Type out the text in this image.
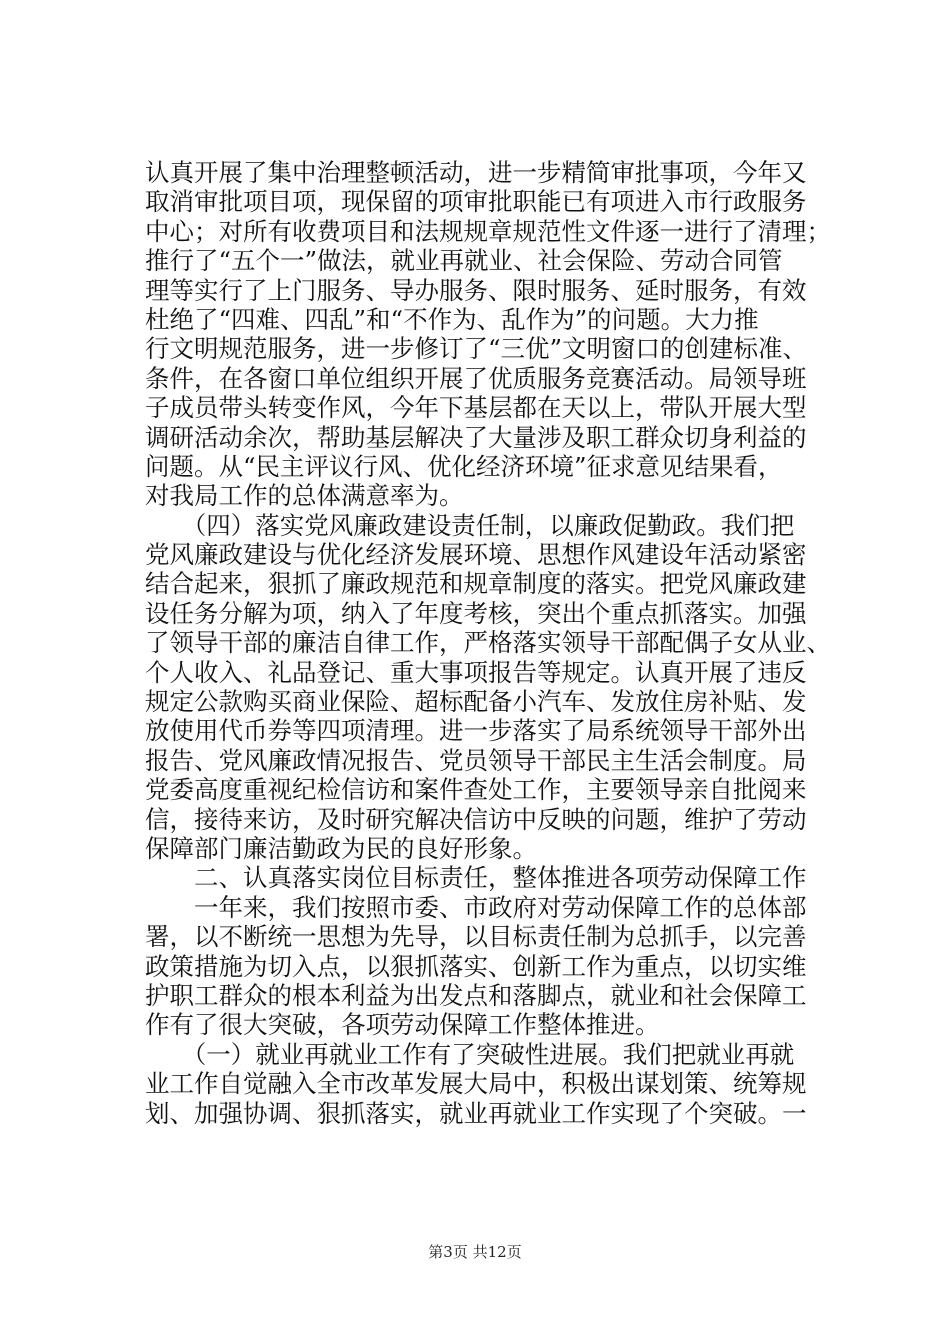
认真开展了集中治理整顿活动，进一步精简审批事项，今年又
取消审批项目项，现保留的项审批职能已有项进入市行政服务
中心；对所有收费项目和法规规章规范性文件逐一进行了清理；
推行了“五个一”做法，就业再就业、社会保险、劳动合同管
理等实行了上门服务、导办服务、限时服务、延时服务，有效
杜绝了“四难、四乱”和“不作为、乱作为”的问题。大力推
行文明规范服务，进一步修订了“三优”文明窗口的创建标准、
条件，在各窗口单位组织开展了优质服务竞赛活动。局领导班
子成员带头转变作风，今年下基层都在天以上，带队开展大型
调研活动余次，帮助基层解决了大量涉及职工群众切身利益的
问题。从“民主评议行风、优化经济环境”征求意见结果看，
对我局工作的总体满意率为。
　　（四）落实党风廉政建设责任制，以廉政促勤政。我们把
党风廉政建设与优化经济发展环境、思想作风建设年活动紧密
结合起来，狠抓了廉政规范和规章制度的落实。把党风廉政建
设任务分解为项，纳入了年度考核，突出个重点抓落实。加强
了领导干部的廉洁自律工作，严格落实领导干部配偶子女从业、
个人收入、礼品登记、重大事项报告等规定。认真开展了违反
规定公款购买商业保险、超标配备小汽车、发放住房补贴、发
放使用代币券等四项清理。进一步落实了局系统领导干部外出
报告、党风廉政情况报告、党员领导干部民主生活会制度。局
党委高度重视纪检信访和案件查处工作，主要领导亲自批阅来
信，接待来访，及时研究解决信访中反映的问题，维护了劳动
保障部门廉洁勤政为民的良好形象。
　　二、认真落实岗位目标责任，整体推进各项劳动保障工作
　　一年来，我们按照市委、市政府对劳动保障工作的总体部
署，以不断统一思想为先导，以目标责任制为总抓手，以完善
政策措施为切入点，以狠抓落实、创新工作为重点，以切实维
护职工群众的根本利益为出发点和落脚点，就业和社会保障工
作有了很大突破，各项劳动保障工作整体推进。
　　（一）就业再就业工作有了突破性进展。我们把就业再就
业工作自觉融入全市改革发展大局中，积极出谋划策、统筹规
划、加强协调、狠抓落实，就业再就业工作实现了个突破。一
第3页 共12页
